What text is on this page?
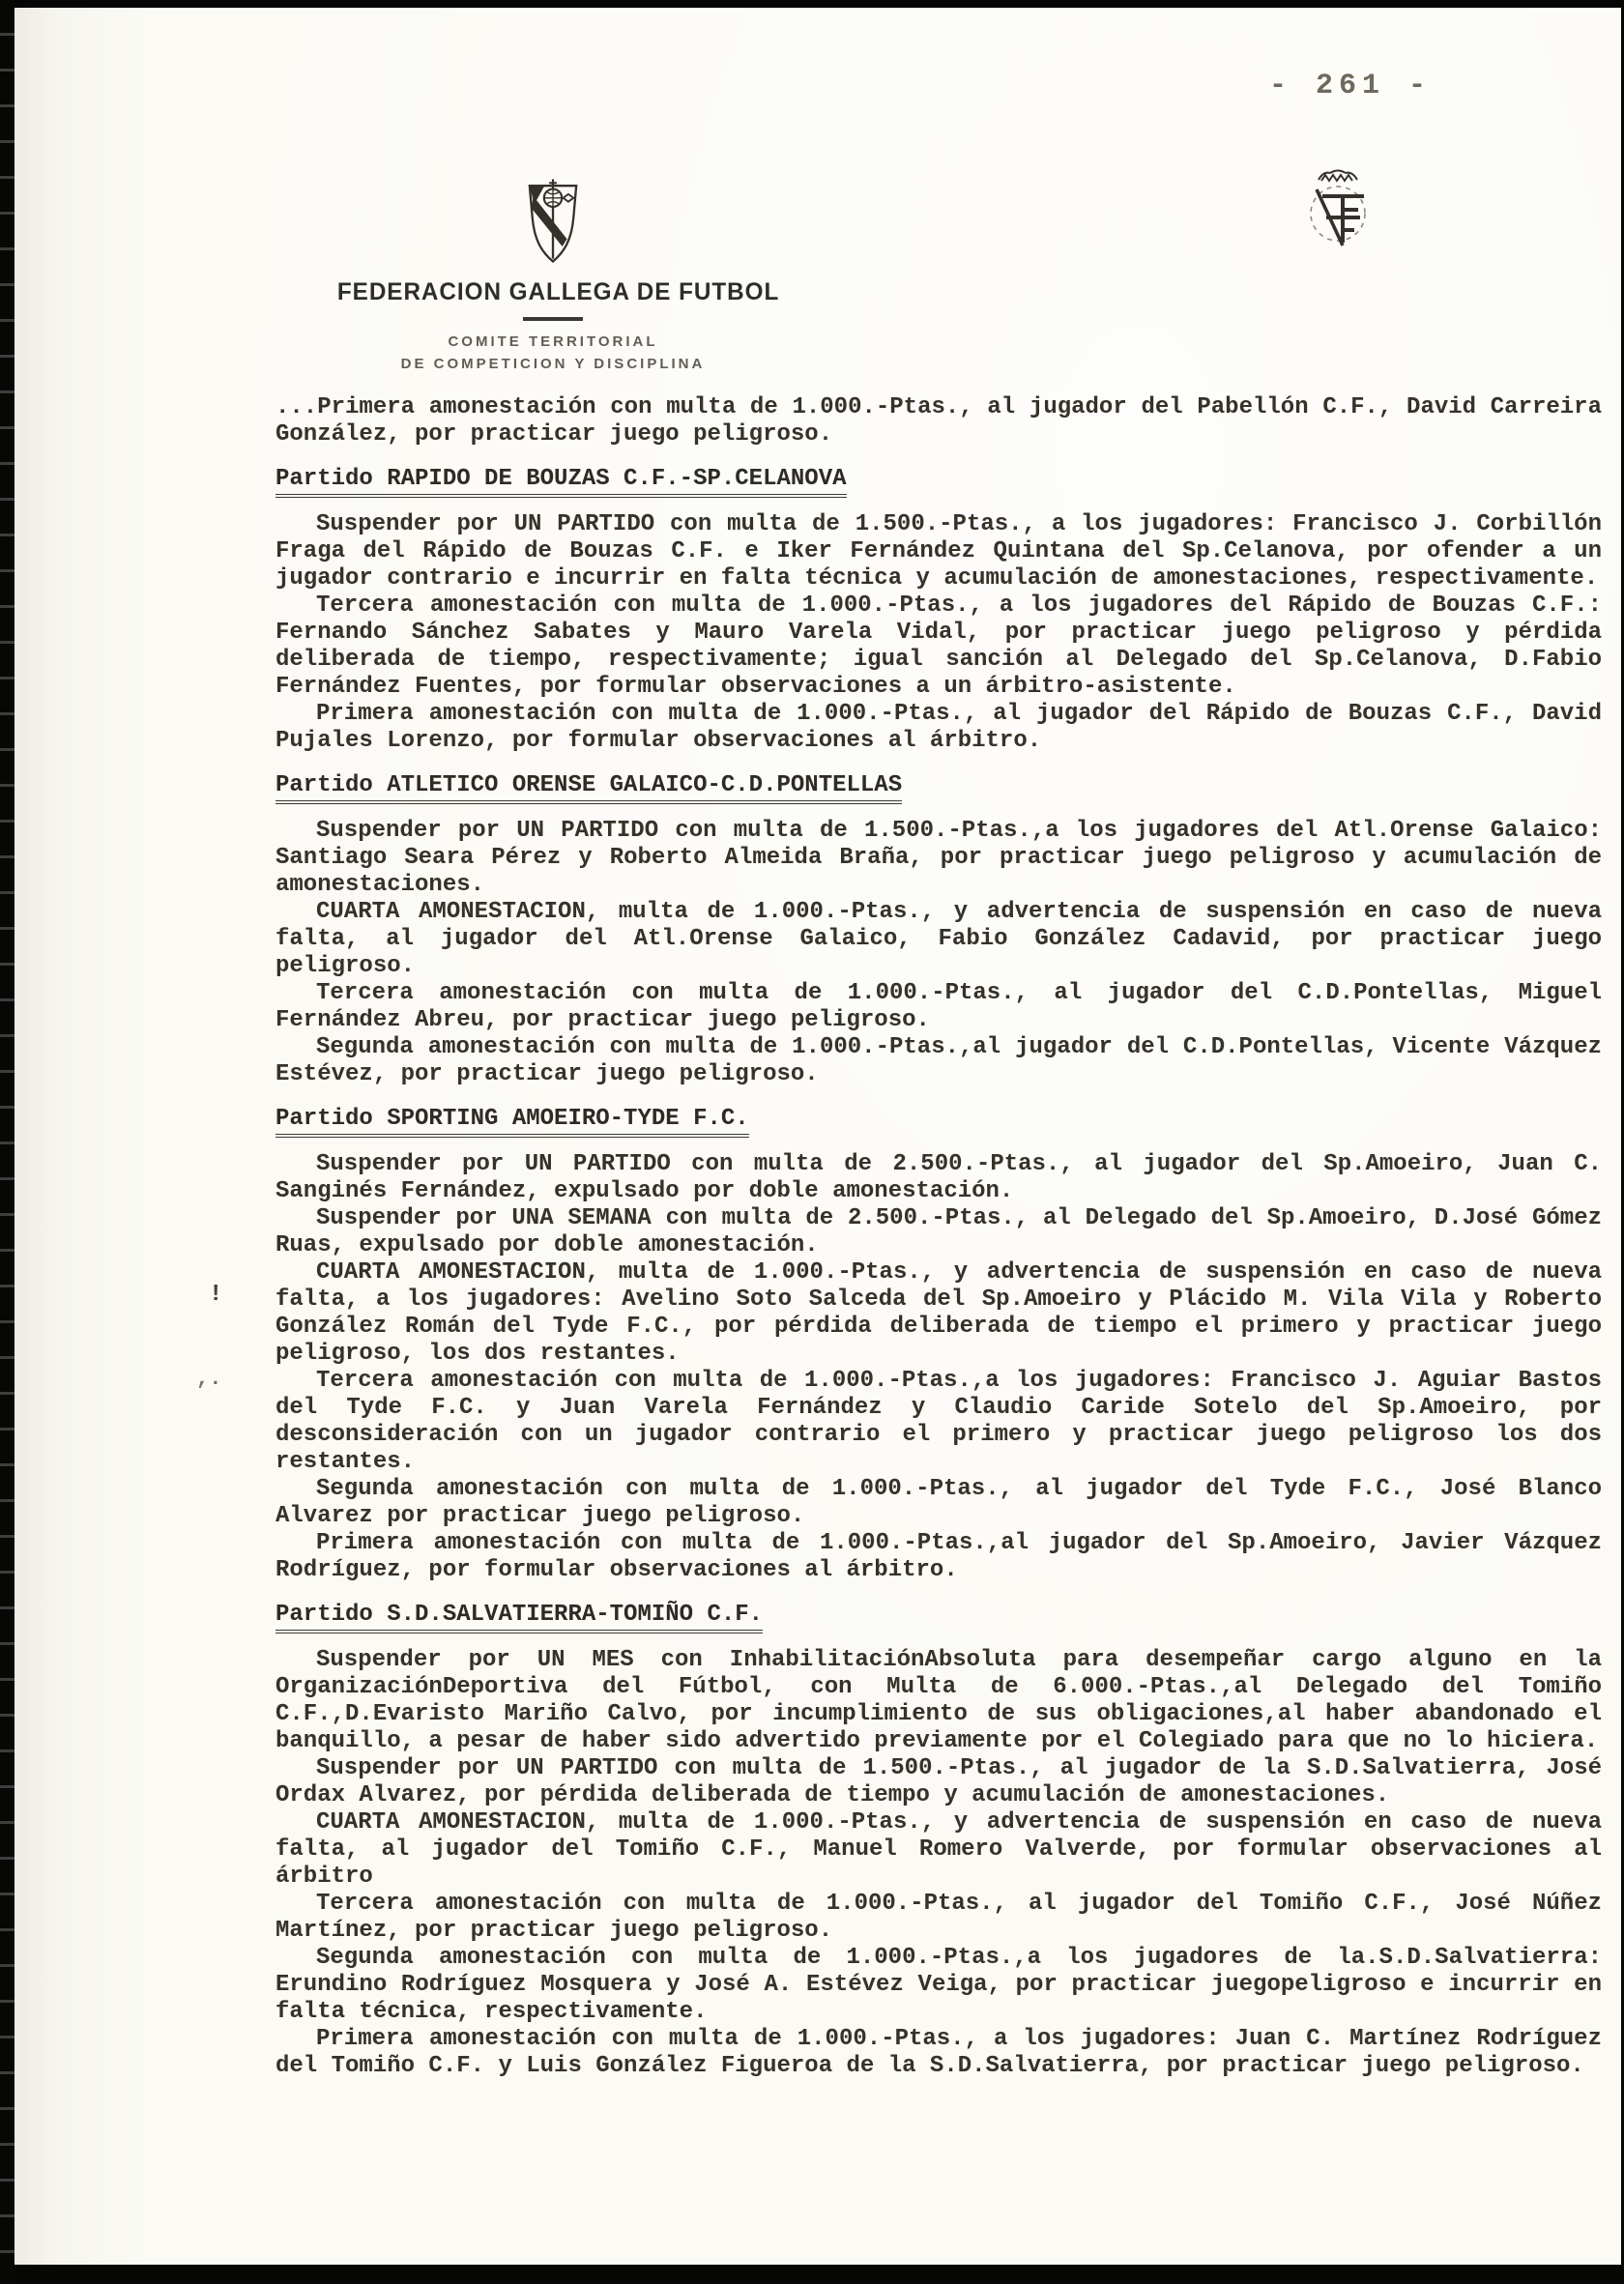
- 261 -
FEDERACION GALLEGA DE FUTBOL
COMITE TERRITORIAL
DE COMPETICION Y DISCIPLINA

...Primera amonestación con multa de 1.000.-Ptas., al jugador del Pabellón C.F., David Carreira González, por practicar juego peligroso.

Partido RAPIDO DE BOUZAS C.F.-SP.CELANOVA

Suspender por UN PARTIDO con multa de 1.500.-Ptas., a los jugadores: Francisco J. Corbillón Fraga del Rápido de Bouzas C.F. e Iker Fernández Quintana del Sp.Celanova, por ofender a un jugador contrario e incurrir en falta técnica y acumulación de amonestaciones, respectivamente.

Tercera amonestación con multa de 1.000.-Ptas., a los jugadores del Rápido de Bouzas C.F.: Fernando Sánchez Sabates y Mauro Varela Vidal, por practicar juego peligroso y pérdida deliberada de tiempo, respectivamente; igual sanción al Delegado del Sp.Celanova, D.Fabio Fernández Fuentes, por formular observaciones a un árbitro-asistente.

Primera amonestación con multa de 1.000.-Ptas., al jugador del Rápido de Bouzas C.F., David Pujales Lorenzo, por formular observaciones al árbitro.

Partido ATLETICO ORENSE GALAICO-C.D.PONTELLAS

Suspender por UN PARTIDO con multa de 1.500.-Ptas.,a los jugadores del Atl.Orense Galaico: Santiago Seara Pérez y Roberto Almeida Braña, por practicar juego peligroso y acumulación de amonestaciones.

CUARTA AMONESTACION, multa de 1.000.-Ptas., y advertencia de suspensión en caso de nueva falta, al jugador del Atl.Orense Galaico, Fabio González Cadavid, por practicar juego peligroso.

Tercera amonestación con multa de 1.000.-Ptas., al jugador del C.D.Pontellas, Miguel Fernández Abreu, por practicar juego peligroso.

Segunda amonestación con multa de 1.000.-Ptas.,al jugador del C.D.Pontellas, Vicente Vázquez Estévez, por practicar juego peligroso.

Partido SPORTING AMOEIRO-TYDE F.C.

Suspender por UN PARTIDO con multa de 2.500.-Ptas., al jugador del Sp.Amoeiro, Juan C. Sanginés Fernández, expulsado por doble amonestación.

Suspender por UNA SEMANA con multa de 2.500.-Ptas., al Delegado del Sp.Amoeiro, D.José Gómez Ruas, expulsado por doble amonestación.

CUARTA AMONESTACION, multa de 1.000.-Ptas., y advertencia de suspensión en caso de nueva falta, a los jugadores: Avelino Soto Salceda del Sp.Amoeiro y Plácido M. Vila Vila y Roberto González Román del Tyde F.C., por pérdida deliberada de tiempo el primero y practicar juego peligroso, los dos restantes.

Tercera amonestación con multa de 1.000.-Ptas.,a los jugadores: Francisco J. Aguiar Bastos del Tyde F.C. y Juan Varela Fernández y Claudio Caride Sotelo del Sp.Amoeiro, por desconsideración con un jugador contrario el primero y practicar juego peligroso los dos restantes.

Segunda amonestación con multa de 1.000.-Ptas., al jugador del Tyde F.C., José Blanco Alvarez por practicar juego peligroso.

Primera amonestación con multa de 1.000.-Ptas.,al jugador del Sp.Amoeiro, Javier Vázquez Rodríguez, por formular observaciones al árbitro.

Partido S.D.SALVATIERRA-TOMIÑO C.F.

Suspender por UN MES con InhabilitaciónAbsoluta para desempeñar cargo alguno en la OrganizaciónDeportiva del Fútbol, con Multa de 6.000.-Ptas.,al Delegado del Tomiño C.F.,D.Evaristo Mariño Calvo, por incumplimiento de sus obligaciones,al haber abandonado el banquillo, a pesar de haber sido advertido previamente por el Colegiado para que no lo hiciera.

Suspender por UN PARTIDO con multa de 1.500.-Ptas., al jugador de la S.D.Salvatierra, José Ordax Alvarez, por pérdida deliberada de tiempo y acumulación de amonestaciones.

CUARTA AMONESTACION, multa de 1.000.-Ptas., y advertencia de suspensión en caso de nueva falta, al jugador del Tomiño C.F., Manuel Romero Valverde, por formular observaciones al árbitro

Tercera amonestación con multa de 1.000.-Ptas., al jugador del Tomiño C.F., José Núñez Martínez, por practicar juego peligroso.

Segunda amonestación con multa de 1.000.-Ptas.,a los jugadores de la.S.D.Salvatierra: Erundino Rodríguez Mosquera y José A. Estévez Veiga, por practicar juegopeligroso e incurrir en falta técnica, respectivamente.

Primera amonestación con multa de 1.000.-Ptas., a los jugadores: Juan C. Martínez Rodríguez del Tomiño C.F. y Luis González Figueroa de la S.D.Salvatierra, por practicar juego peligroso.

!
,.
